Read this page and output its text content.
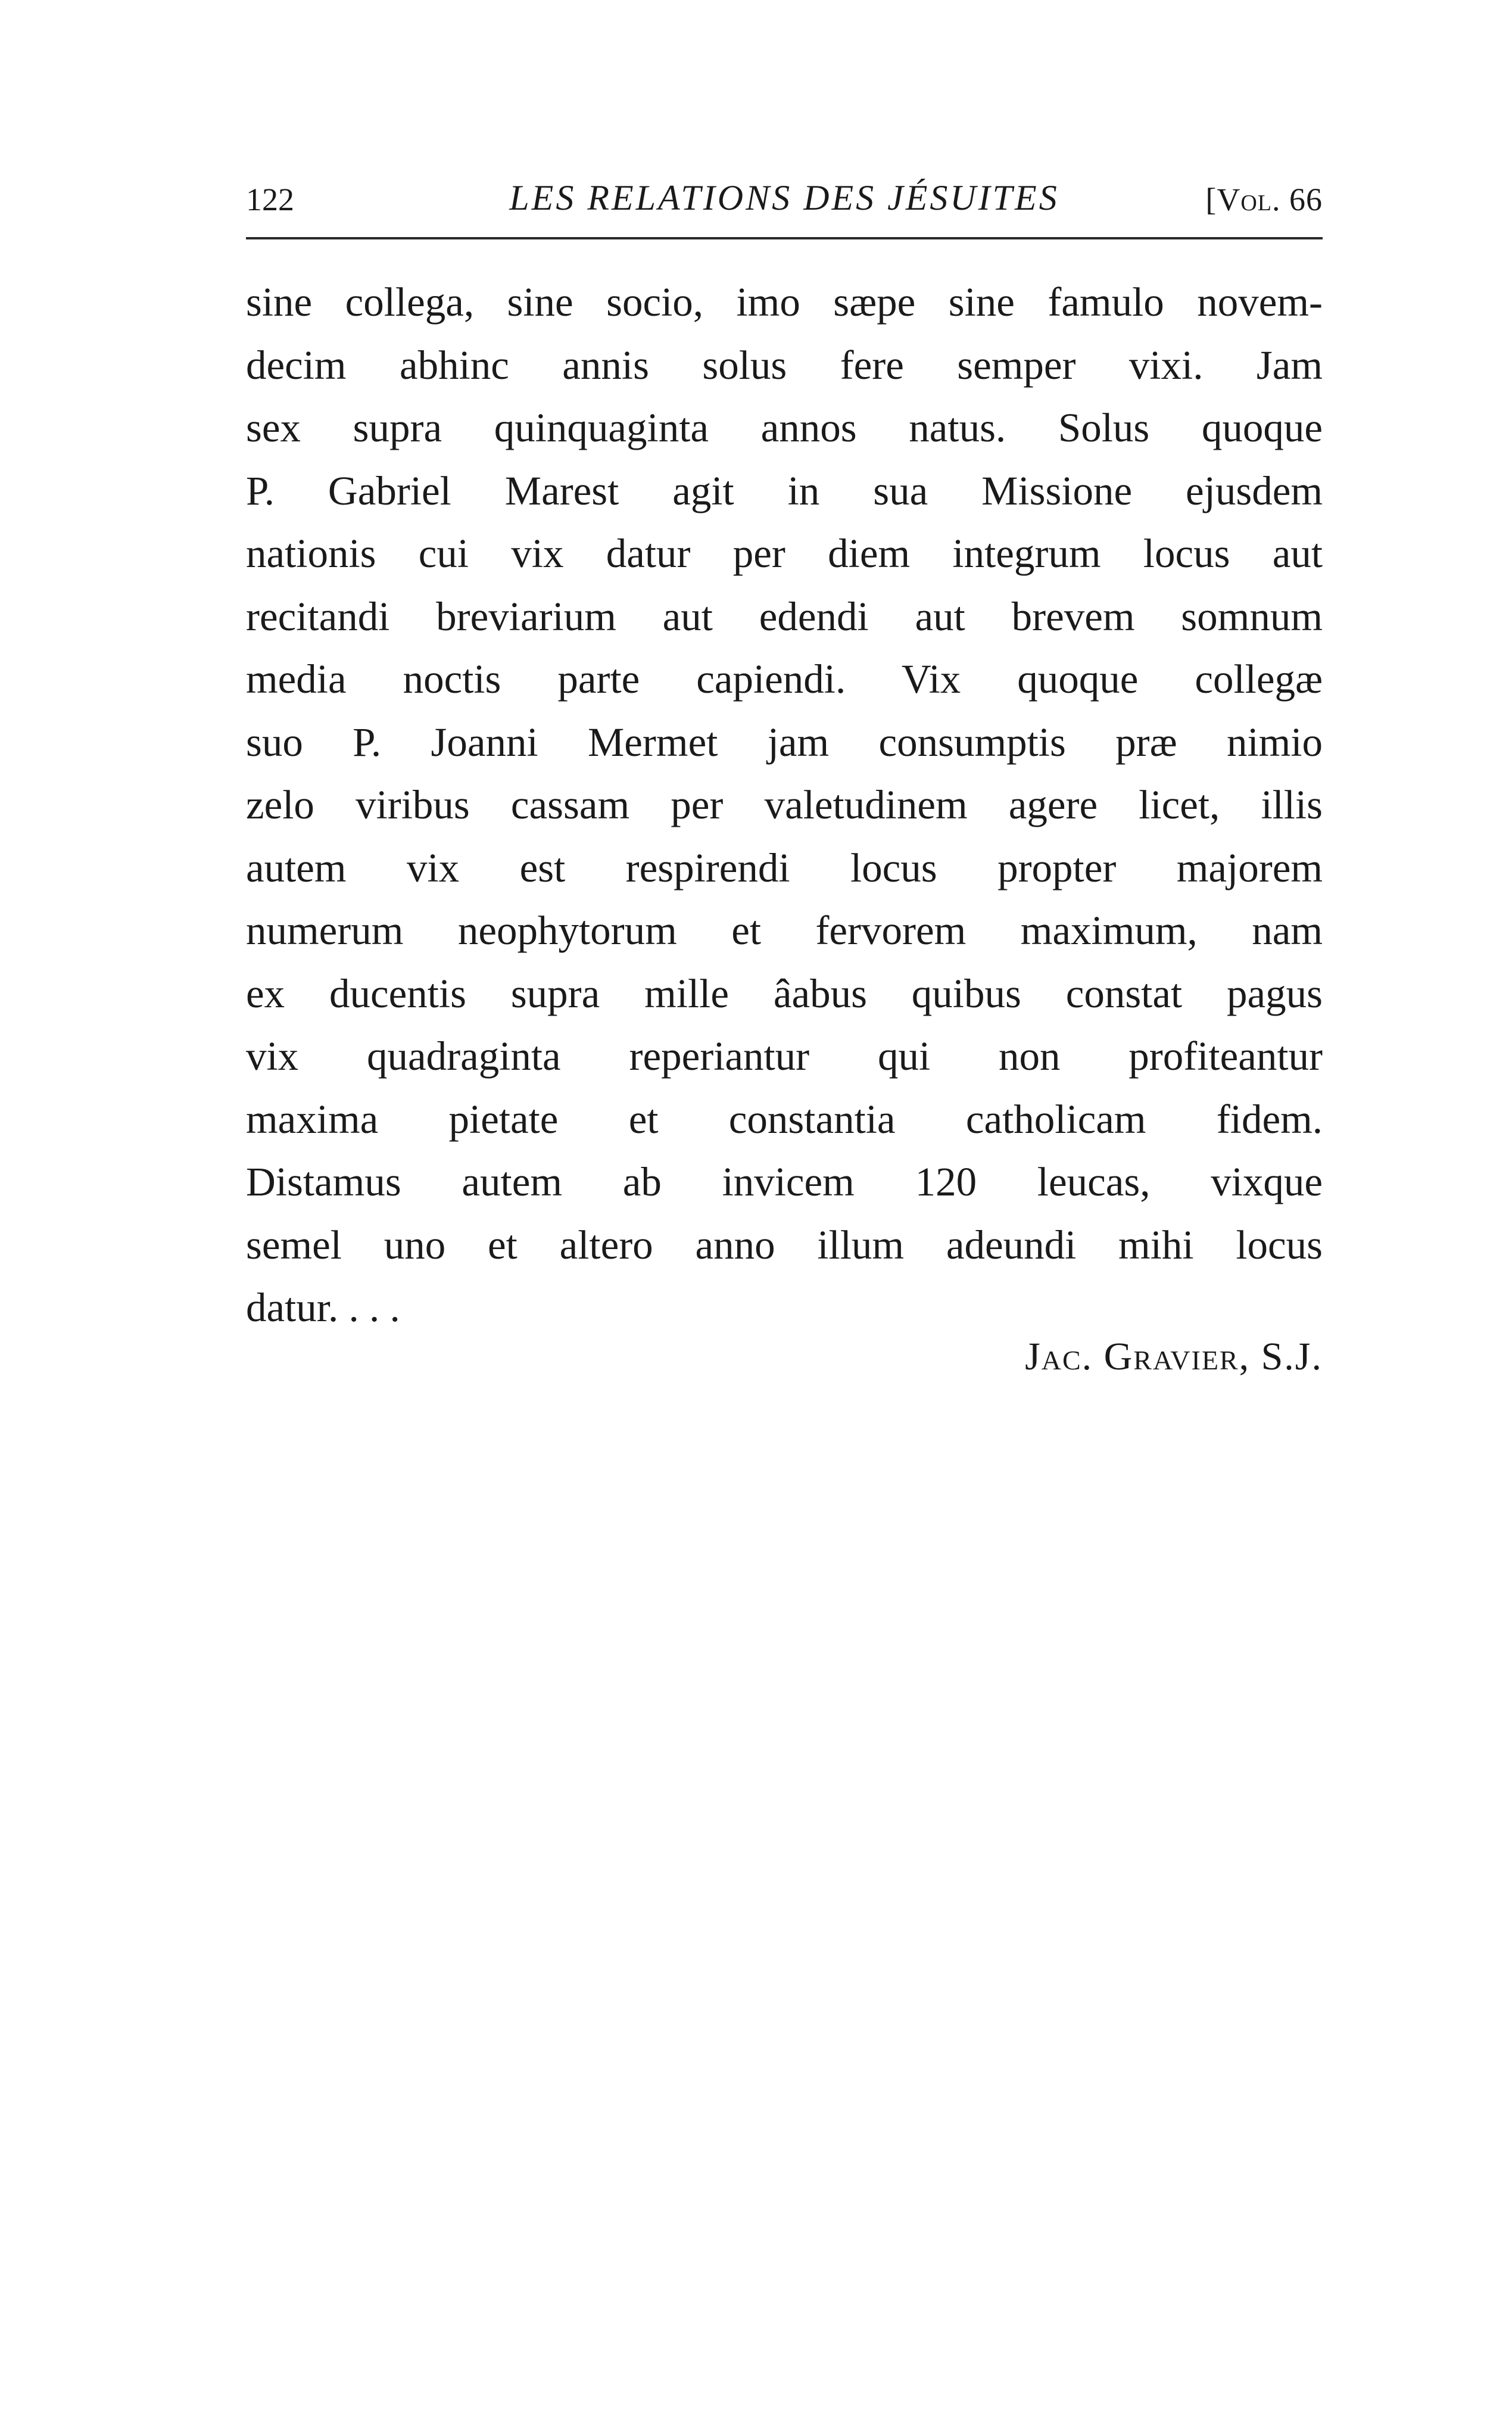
122	LES RELATIONS DES JÉSUITES	[Vol. 66
sine collega, sine socio, imo sæpe sine famulo novem-
decim abhinc annis solus fere semper vixi. Jam
sex supra quinquaginta annos natus. Solus quoque
P. Gabriel Marest agit in sua Missione ejusdem
nationis cui vix datur per diem integrum locus aut
recitandi breviarium aut edendi aut brevem somnum
media noctis parte capiendi. Vix quoque collegæ
suo P. Joanni Mermet jam consumptis præ nimio
zelo viribus cassam per valetudinem agere licet, illis
autem vix est respirendi locus propter majorem
numerum neophytorum et fervorem maximum, nam
ex ducentis supra mille âabus quibus constat pagus
vix quadraginta reperiantur qui non profiteantur
maxima pietate et constantia catholicam fidem.
Distamus autem ab invicem 120 leucas, vixque
semel uno et altero anno illum adeundi mihi locus
datur. . . .
Jac. Gravier, S.J.
